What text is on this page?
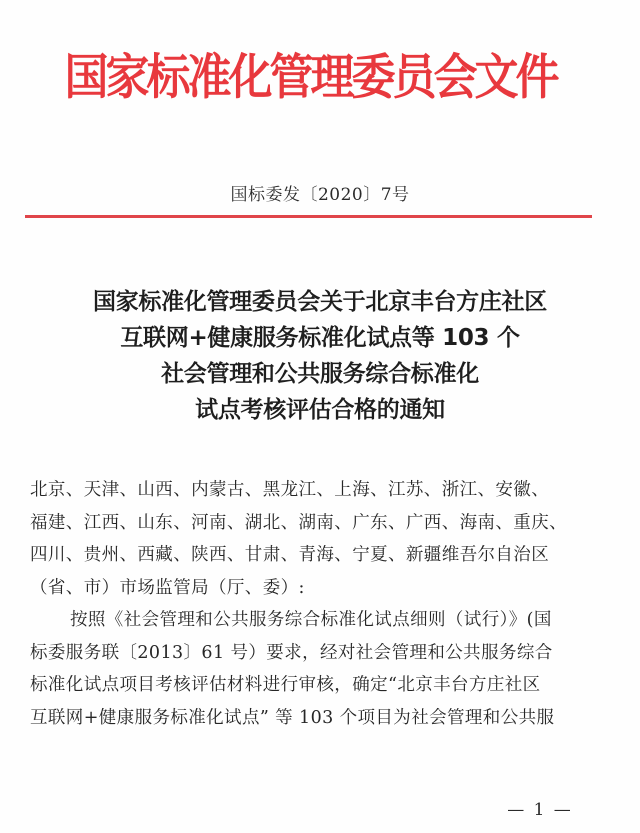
国家标准化管理委员会文件
国标委发〔2020〕7号
国家标准化管理委员会关于北京丰台方庄社区
互联网+健康服务标准化试点等 103 个
社会管理和公共服务综合标准化
试点考核评估合格的通知
北京、天津、山西、内蒙古、黑龙江、上海、江苏、浙江、安徽、
福建、江西、山东、河南、湖北、湖南、广东、广西、海南、重庆、
四川、贵州、西藏、陕西、甘肃、青海、宁夏、新疆维吾尔自治区
（省、市）市场监管局（厅、委）:
按照《社会管理和公共服务综合标准化试点细则（试行）》(国
标委服务联〔2013〕61 号）要求，经对社会管理和公共服务综合
标准化试点项目考核评估材料进行审核，确定“北京丰台方庄社区
互联网+健康服务标准化试点” 等 103 个项目为社会管理和公共服
— 1 —
